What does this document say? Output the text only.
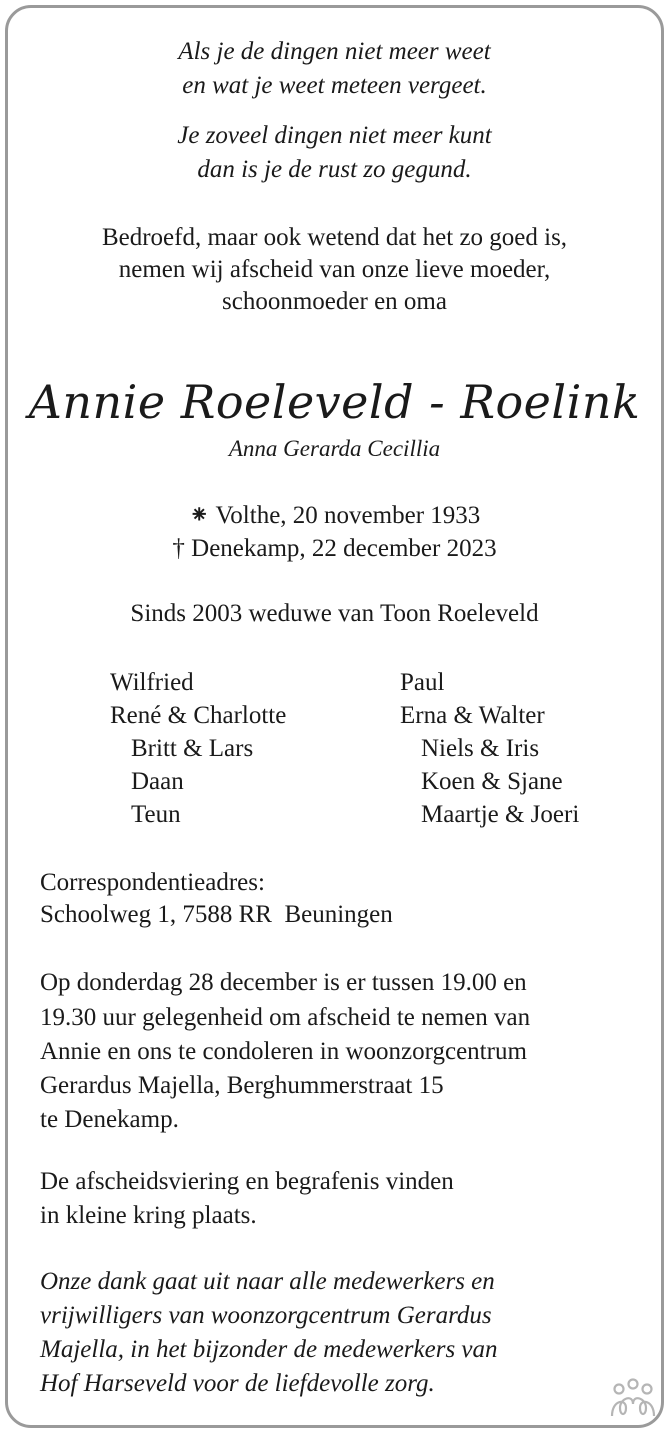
Als je de dingen niet meer weet
en wat je weet meteen vergeet.
Je zoveel dingen niet meer kunt
dan is je de rust zo gegund.
Bedroefd, maar ook wetend dat het zo goed is,
nemen wij afscheid van onze lieve moeder,
schoonmoeder en oma
Annie Roeleveld - Roelink
Anna Gerarda Cecillia
⁕ Volthe, 20 november 1933
† Denekamp, 22 december 2023
Sinds 2003 weduwe van Toon Roeleveld
Wilfried
René & Charlotte
Britt & Lars
Daan
Teun
Paul
Erna & Walter
Niels & Iris
Koen & Sjane
Maartje & Joeri
Correspondentieadres:
Schoolweg 1, 7588 RR  Beuningen
Op donderdag 28 december is er tussen 19.00 en
19.30 uur gelegenheid om afscheid te nemen van
Annie en ons te condoleren in woonzorgcentrum
Gerardus Majella, Berghummerstraat 15
te Denekamp.
De afscheidsviering en begrafenis vinden
in kleine kring plaats.
Onze dank gaat uit naar alle medewerkers en
vrijwilligers van woonzorgcentrum Gerardus
Majella, in het bijzonder de medewerkers van
Hof Harseveld voor de liefdevolle zorg.
